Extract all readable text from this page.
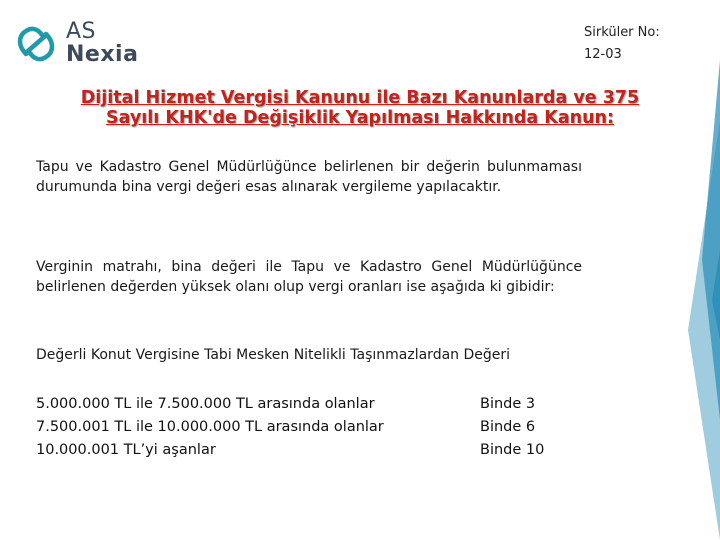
AS
Nexia
Sirküler No:
12-03
Dijital Hizmet Vergisi Kanunu ile Bazı Kanunlarda ve 375
Sayılı KHK'de Değişiklik Yapılması Hakkında Kanun:
Tapu ve Kadastro Genel Müdürlüğünce belirlenen bir değerin bulunmaması durumunda bina vergi değeri esas alınarak vergileme yapılacaktır.
Verginin matrahı, bina değeri ile Tapu ve Kadastro Genel Müdürlüğünce belirlenen değerden yüksek olanı olup vergi oranları ise aşağıda ki gibidir:
Değerli Konut Vergisine Tabi Mesken Nitelikli Taşınmazlardan Değeri
5.000.000 TL ile 7.500.000 TL arasında olanlar	Binde 3
7.500.001 TL ile 10.000.000 TL arasında olanlar	Binde 6
10.000.001 TL’yi aşanlar	Binde 10
